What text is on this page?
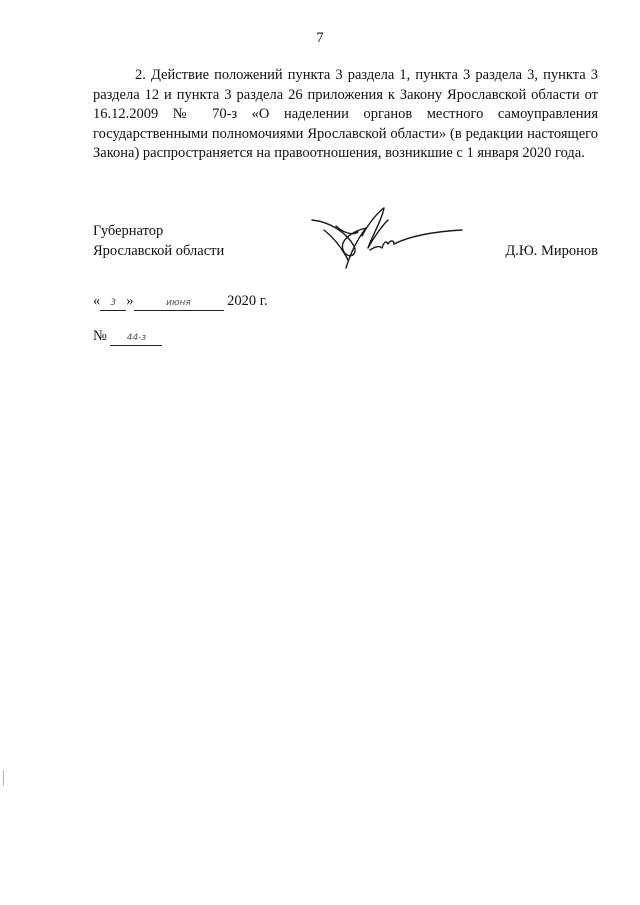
7

2. Действие положений пункта 3 раздела 1, пункта 3 раздела 3, пункта 3 раздела 12 и пункта 3 раздела 26 приложения к Закону Ярославской области от 16.12.2009 № 70-з «О наделении органов местного самоуправления государственными полномочиями Ярославской области» (в редакции настоящего Закона) распространяется на правоотношения, возникшие с 1 января 2020 года.

Губернатор
Ярославской области	Д.Ю. Миронов
« 3 »	июня	2020 г.
№ 44-з
